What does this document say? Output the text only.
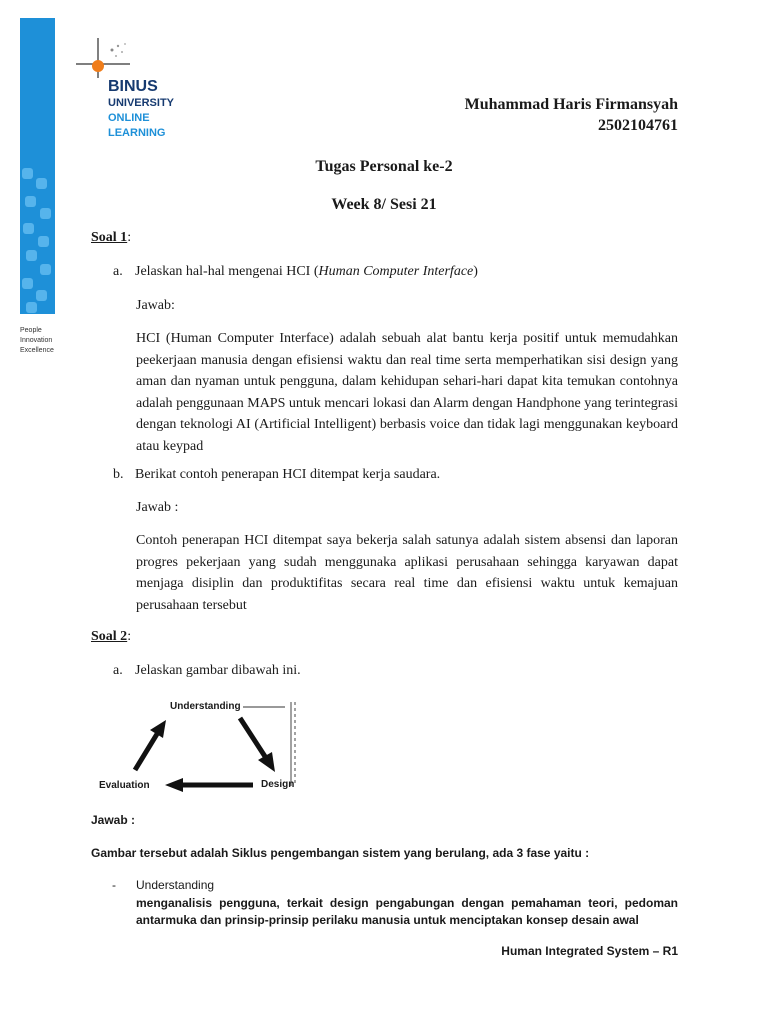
People
Innovation
Excellence
BINUS
UNIVERSITY
ONLINE
LEARNING
Muhammad Haris Firmansyah
2502104761
Tugas Personal ke-2
Week 8/ Sesi 21
Soal 1:
a. Jelaskan hal-hal mengenai HCI (Human Computer Interface)
Jawab:
HCI (Human Computer Interface) adalah sebuah alat bantu kerja positif untuk memudahkan peekerjaan manusia dengan efisiensi waktu dan real time serta memperhatikan sisi design yang aman dan nyaman untuk pengguna, dalam kehidupan sehari-hari dapat kita temukan contohnya adalah penggunaan MAPS untuk mencari lokasi dan Alarm dengan Handphone yang terintegrasi dengan teknologi AI (Artificial Intelligent) berbasis voice dan tidak lagi menggunakan keyboard atau keypad
b. Berikat contoh penerapan HCI ditempat kerja saudara.
Jawab :
Contoh penerapan HCI ditempat saya bekerja salah satunya adalah sistem absensi dan laporan progres pekerjaan yang sudah menggunaka aplikasi perusahaan sehingga karyawan dapat menjaga disiplin dan produktifitas secara real time dan efisiensi waktu untuk kemajuan perusahaan tersebut
Soal 2:
a. Jelaskan gambar dibawah ini.
Understanding
Design
Evaluation
Jawab :
Gambar tersebut adalah Siklus pengembangan sistem yang berulang, ada 3 fase yaitu :
- Understanding
menganalisis pengguna, terkait design pengabungan dengan pemahaman teori, pedoman antarmuka dan prinsip-prinsip perilaku manusia untuk menciptakan konsep desain awal
Human Integrated System – R1
